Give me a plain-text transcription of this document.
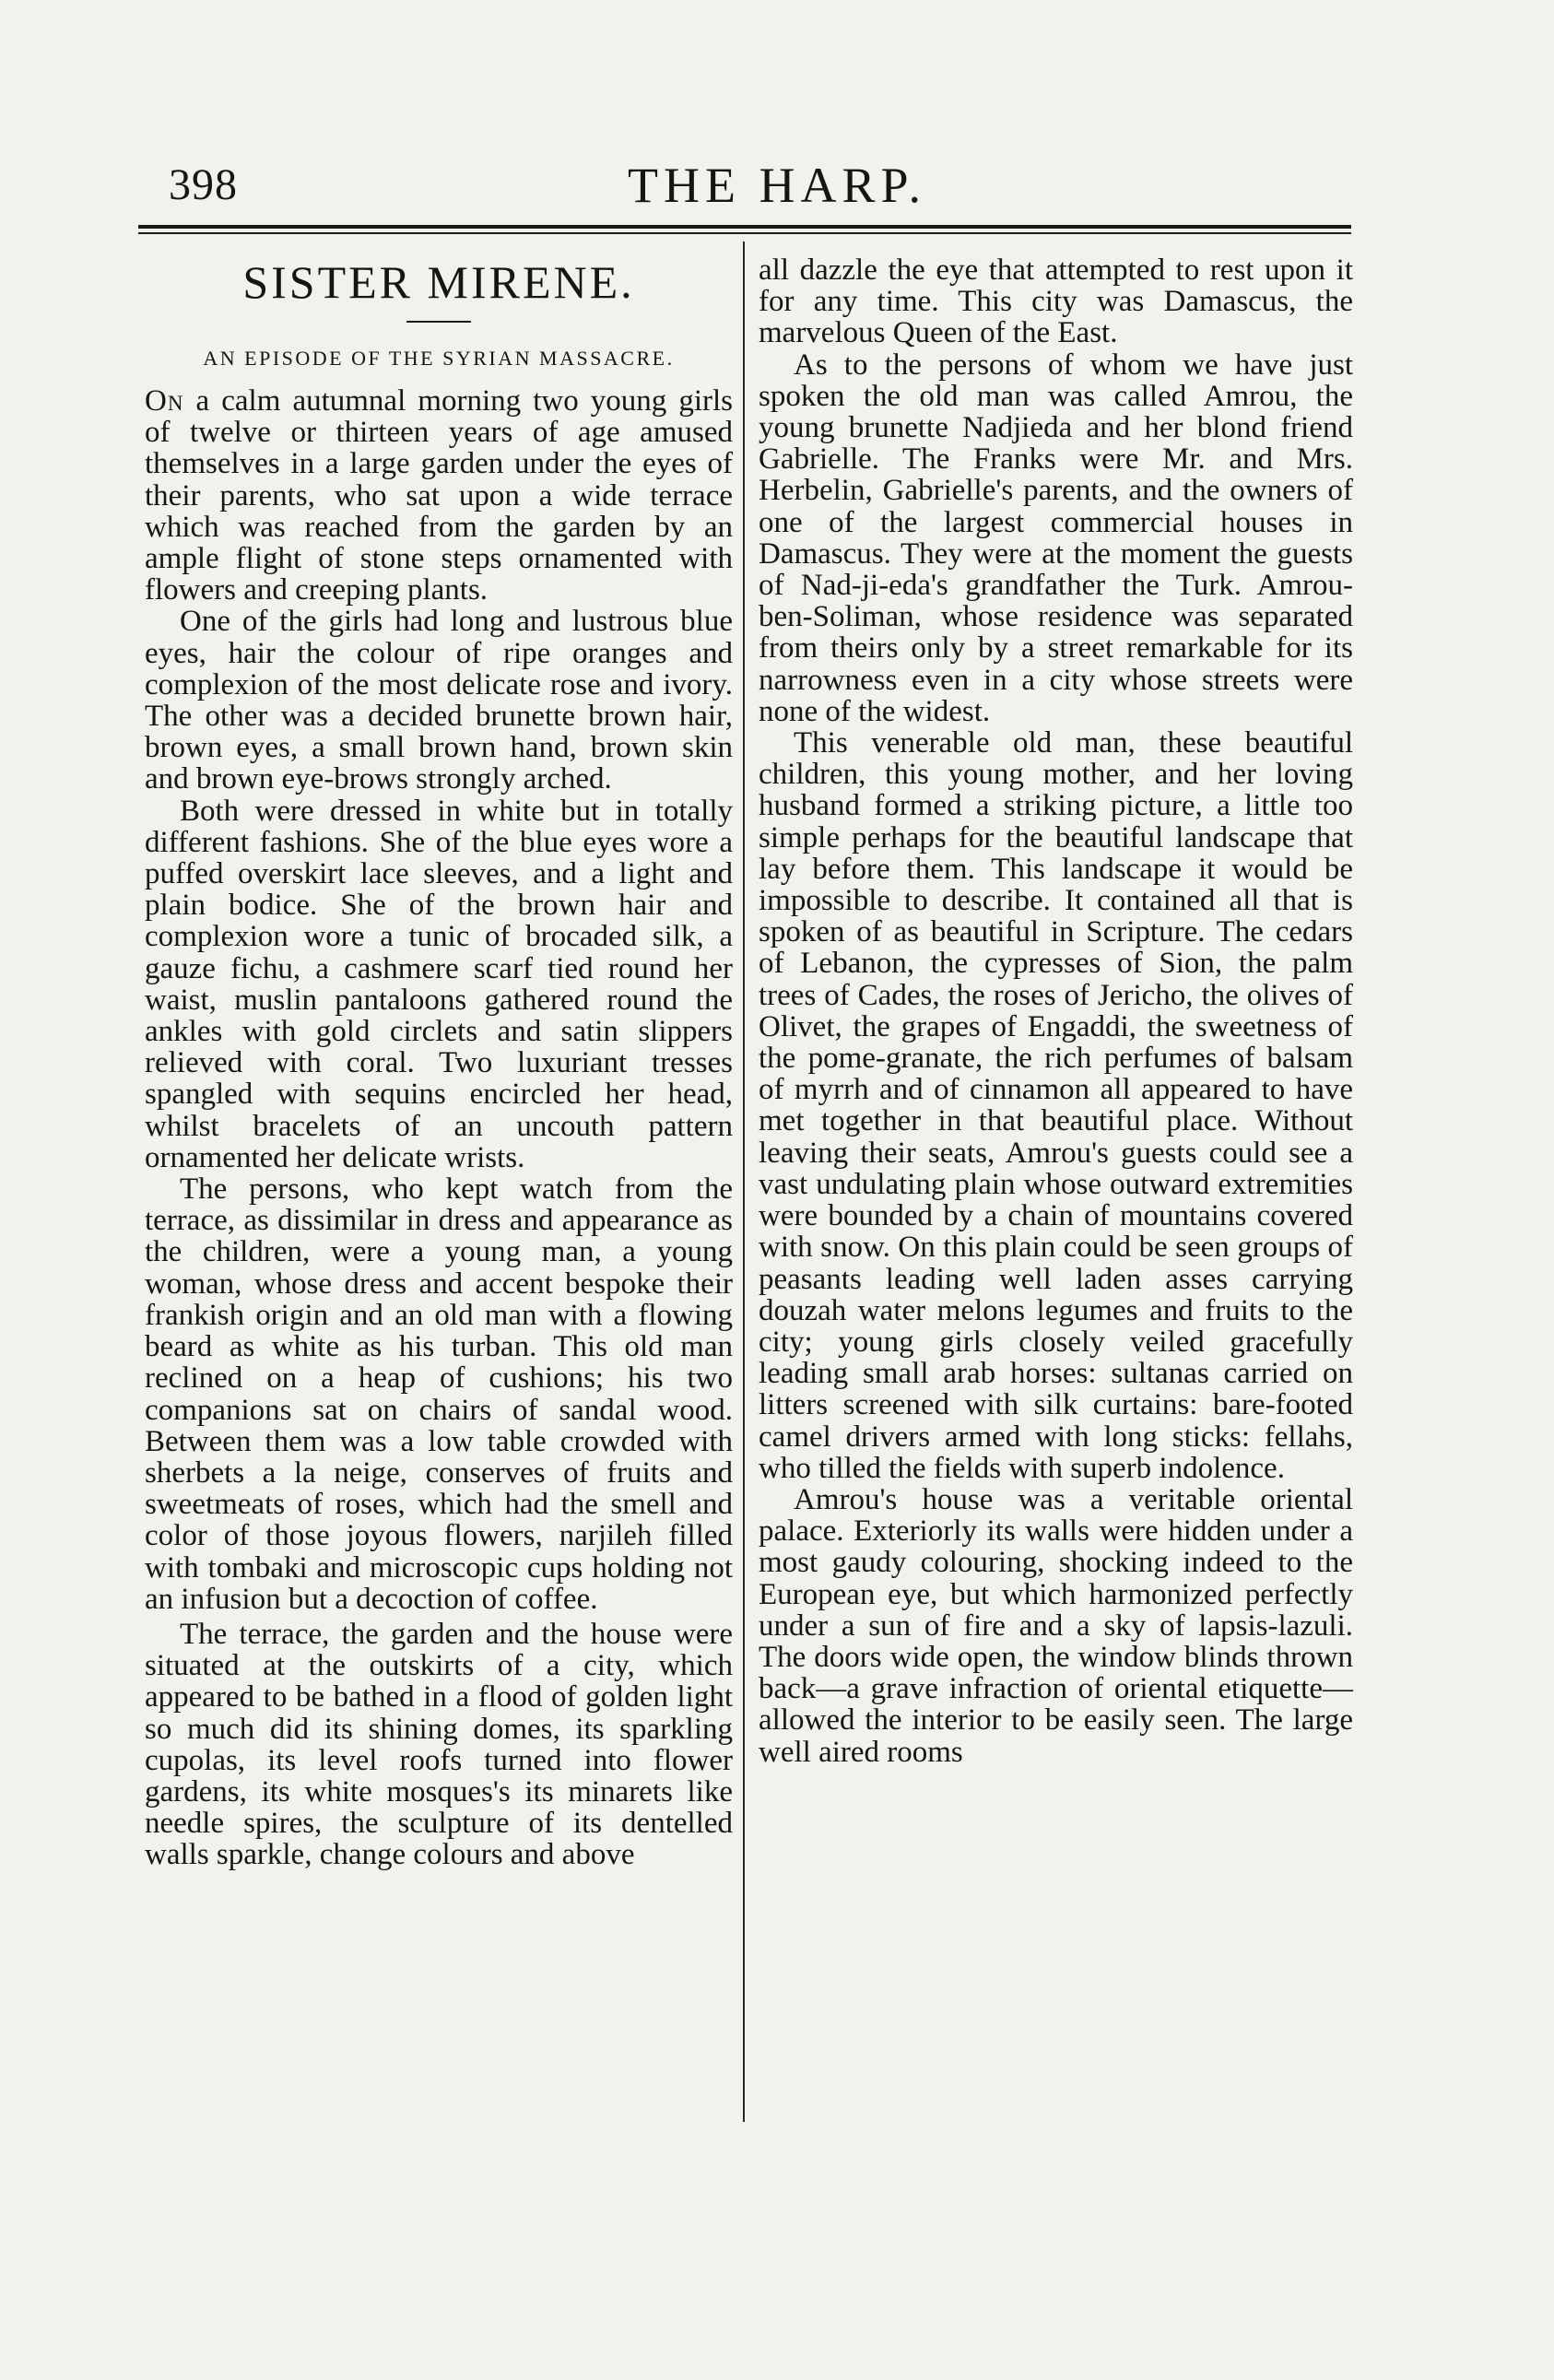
398	THE HARP.
SISTER MIRENE.
AN EPISODE OF THE SYRIAN MASSACRE.

On a calm autumnal morning two young girls of twelve or thirteen years of age amused themselves in a large garden under the eyes of their parents, who sat upon a wide terrace which was reached from the garden by an ample flight of stone steps ornamented with flowers and creeping plants.

One of the girls had long and lustrous blue eyes, hair the colour of ripe oranges and complexion of the most delicate rose and ivory. The other was a decided brunette brown hair, brown eyes, a small brown hand, brown skin and brown eye-brows strongly arched.

Both were dressed in white but in totally different fashions. She of the blue eyes wore a puffed overskirt lace sleeves, and a light and plain bodice. She of the brown hair and complexion wore a tunic of brocaded silk, a gauze fichu, a cashmere scarf tied round her waist, muslin pantaloons gathered round the ankles with gold circlets and satin slippers relieved with coral. Two luxuriant tresses spangled with sequins encircled her head, whilst bracelets of an uncouth pattern ornamented her delicate wrists.

The persons, who kept watch from the terrace, as dissimilar in dress and appearance as the children, were a young man, a young woman, whose dress and accent bespoke their frankish origin and an old man with a flowing beard as white as his turban. This old man reclined on a heap of cushions; his two companions sat on chairs of sandal wood. Between them was a low table crowded with sherbets a la neige, conserves of fruits and sweetmeats of roses, which had the smell and color of those joyous flowers, narjileh filled with tombaki and microscopic cups holding not an infusion but a decoction of coffee.

The terrace, the garden and the house were situated at the outskirts of a city, which appeared to be bathed in a flood of golden light so much did its shining domes, its sparkling cupolas, its level roofs turned into flower gardens, its white mosques's its minarets like needle spires, the sculpture of its dentelled walls sparkle, change colours and above

all dazzle the eye that attempted to rest upon it for any time. This city was Damascus, the marvelous Queen of the East.

As to the persons of whom we have just spoken the old man was called Amrou, the young brunette Nadjieda and her blond friend Gabrielle. The Franks were Mr. and Mrs. Herbelin, Gabrielle's parents, and the owners of one of the largest commercial houses in Damascus. They were at the moment the guests of Nad-ji-eda's grandfather the Turk. Amrou-ben-Soliman, whose residence was separated from theirs only by a street remarkable for its narrowness even in a city whose streets were none of the widest.

This venerable old man, these beautiful children, this young mother, and her loving husband formed a striking picture, a little too simple perhaps for the beautiful landscape that lay before them. This landscape it would be impossible to describe. It contained all that is spoken of as beautiful in Scripture. The cedars of Lebanon, the cypresses of Sion, the palm trees of Cades, the roses of Jericho, the olives of Olivet, the grapes of Engaddi, the sweetness of the pome-granate, the rich perfumes of balsam of myrrh and of cinnamon all appeared to have met together in that beautiful place. Without leaving their seats, Amrou's guests could see a vast undulating plain whose outward extremities were bounded by a chain of mountains covered with snow. On this plain could be seen groups of peasants leading well laden asses carrying douzah water melons legumes and fruits to the city; young girls closely veiled gracefully leading small arab horses: sultanas carried on litters screened with silk curtains: bare-footed camel drivers armed with long sticks: fellahs, who tilled the fields with superb indolence.

Amrou's house was a veritable oriental palace. Exteriorly its walls were hidden under a most gaudy colouring, shocking indeed to the European eye, but which harmonized perfectly under a sun of fire and a sky of lapsis-lazuli. The doors wide open, the window blinds thrown back—a grave infraction of oriental etiquette—allowed the interior to be easily seen. The large well aired rooms
